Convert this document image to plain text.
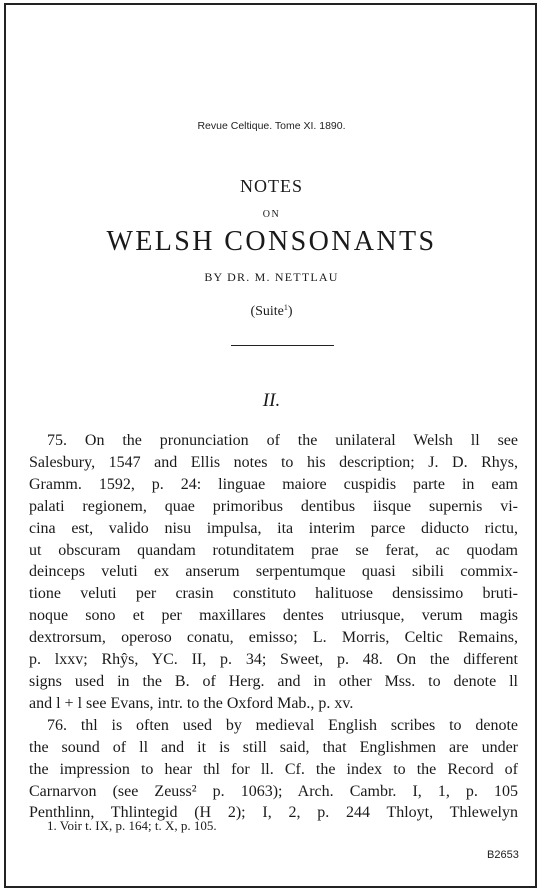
Revue Celtique. Tome XI. 1890.
NOTES
ON
WELSH CONSONANTS
BY DR. M. NETTLAU
(Suite$^1$)
II.
75. On the pronunciation of the unilateral Welsh ll see
Salesbury, 1547 and Ellis notes to his description; J. D. Rhys,
Gramm. 1592, p. 24: linguae maiore cuspidis parte in eam
palati regionem, quae primoribus dentibus iisque supernis vi-
cina est, valido nisu impulsa, ita interim parce diducto rictu,
ut obscuram quandam rotunditatem prae se ferat, ac quodam
deinceps veluti ex anserum serpentumque quasi sibili commix-
tione veluti per crasin constituto halituose densissimo bruti-
noque sono et per maxillares dentes utriusque, verum magis
dextrorsum, operoso conatu, emisso; L. Morris, Celtic Remains,
p. lxxv; Rhŷs, YC. II, p. 34; Sweet, p. 48. On the different
signs used in the B. of Herg. and in other Mss. to denote ll
and l + l see Evans, intr. to the Oxford Mab., p. xv.
76. thl is often used by medieval English scribes to denote
the sound of ll and it is still said, that Englishmen are under
the impression to hear thl for ll. Cf. the index to the Record of
Carnarvon (see Zeuss² p. 1063); Arch. Cambr. I, 1, p. 105
Penthlinn, Thlintegid (H 2); I, 2, p. 244 Thloyt, Thlewelyn
1. Voir t. IX, p. 164; t. X, p. 105.
B2653
